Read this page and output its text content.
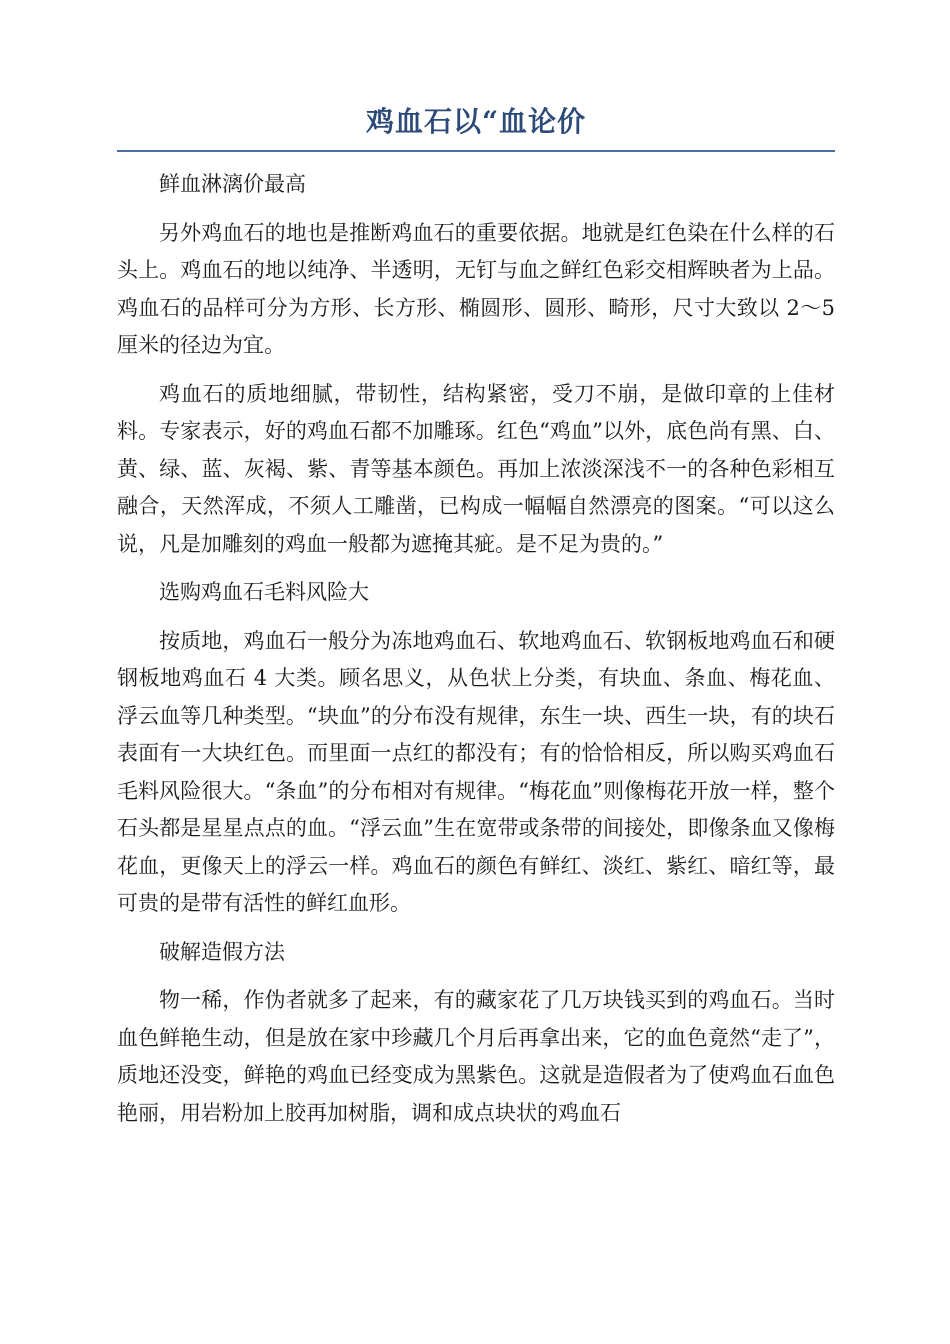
鸡血石以“血论价

鲜血淋漓价最高

另外鸡血石的地也是推断鸡血石的重要依据。地就是红色染在什么样的石头上。鸡血石的地以纯净、半透明，无钉与血之鲜红色彩交相辉映者为上品。鸡血石的品样可分为方形、长方形、椭圆形、圆形、畸形，尺寸大致以 2～5 厘米的径边为宜。

鸡血石的质地细腻，带韧性，结构紧密，受刀不崩，是做印章的上佳材料。专家表示，好的鸡血石都不加雕琢。红色“鸡血”以外，底色尚有黑、白、黄、绿、蓝、灰褐、紫、青等基本颜色。再加上浓淡深浅不一的各种色彩相互融合，天然浑成，不须人工雕凿，已构成一幅幅自然漂亮的图案。“可以这么说，凡是加雕刻的鸡血一般都为遮掩其疵。是不足为贵的。”

选购鸡血石毛料风险大

按质地，鸡血石一般分为冻地鸡血石、软地鸡血石、软钢板地鸡血石和硬钢板地鸡血石 4 大类。顾名思义，从色状上分类，有块血、条血、梅花血、浮云血等几种类型。“块血”的分布没有规律，东生一块、西生一块，有的块石表面有一大块红色。而里面一点红的都没有；有的恰恰相反，所以购买鸡血石毛料风险很大。“条血”的分布相对有规律。“梅花血”则像梅花开放一样，整个石头都是星星点点的血。“浮云血”生在宽带或条带的间接处，即像条血又像梅花血，更像天上的浮云一样。鸡血石的颜色有鲜红、淡红、紫红、暗红等，最可贵的是带有活性的鲜红血形。

破解造假方法

物一稀，作伪者就多了起来，有的藏家花了几万块钱买到的鸡血石。当时血色鲜艳生动，但是放在家中珍藏几个月后再拿出来，它的血色竟然“走了”，质地还没变，鲜艳的鸡血已经变成为黑紫色。这就是造假者为了使鸡血石血色艳丽，用岩粉加上胶再加树脂，调和成点块状的鸡血石
